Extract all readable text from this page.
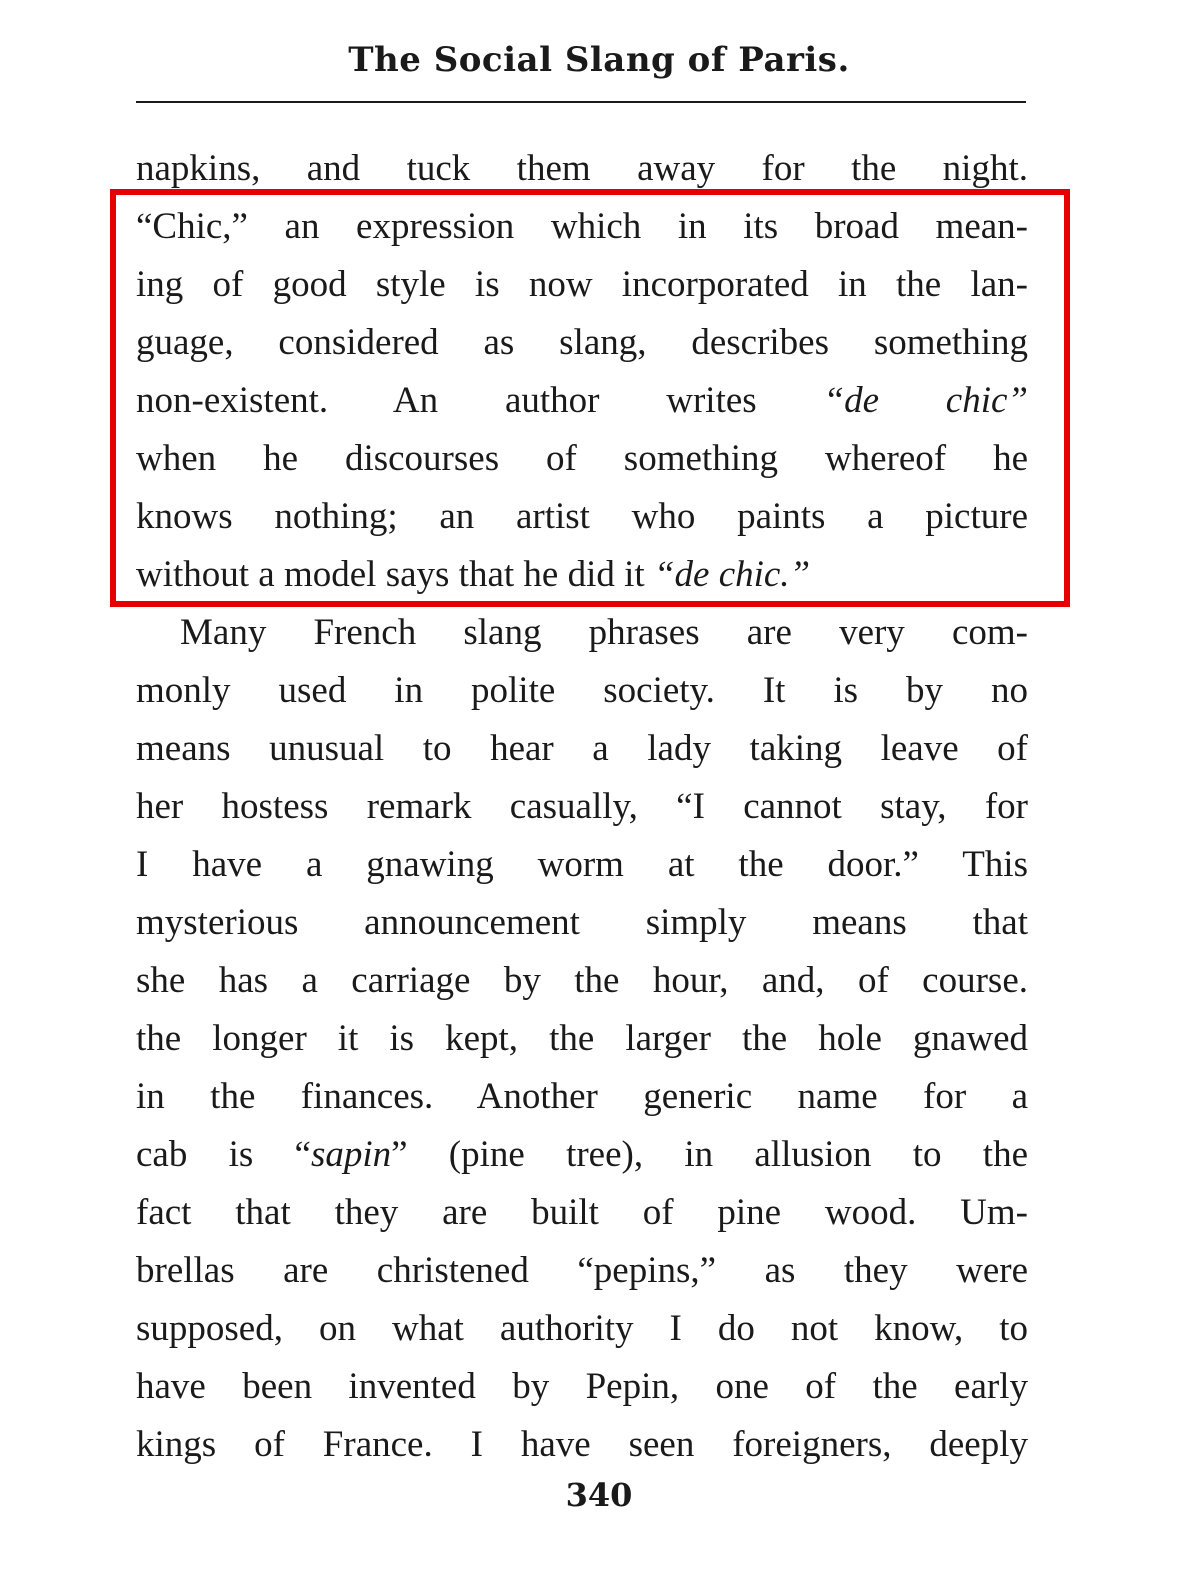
The Social Slang of Paris.
napkins, and tuck them away for the night.
“Chic,” an expression which in its broad mean-
ing of good style is now incorporated in the lan-
guage, considered as slang, describes something
non-existent. An author writes “de chic”
when he discourses of something whereof he
knows nothing; an artist who paints a picture
without a model says that he did it “de chic.”
Many French slang phrases are very com-
monly used in polite society. It is by no
means unusual to hear a lady taking leave of
her hostess remark casually, “I cannot stay, for
I have a gnawing worm at the door.” This
mysterious announcement simply means that
she has a carriage by the hour, and, of course.
the longer it is kept, the larger the hole gnawed
in the finances. Another generic name for a
cab is “sapin” (pine tree), in allusion to the
fact that they are built of pine wood. Um-
brellas are christened “pepins,” as they were
supposed, on what authority I do not know, to
have been invented by Pepin, one of the early
kings of France. I have seen foreigners, deeply
340
